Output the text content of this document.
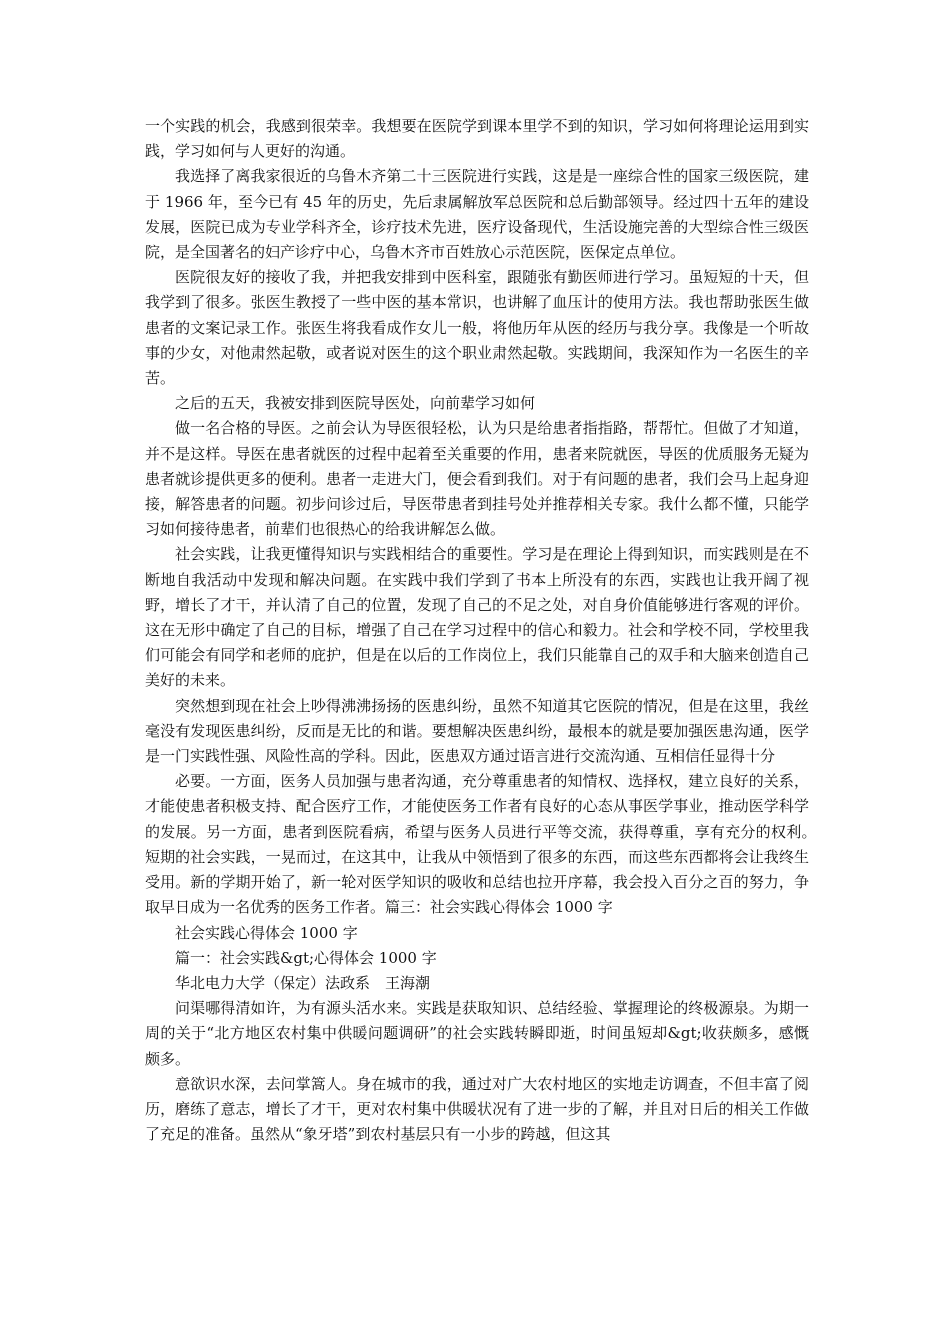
一个实践的机会，我感到很荣幸。我想要在医院学到课本里学不到的知识，学习如何将理论运用到实践，学习如何与人更好的沟通。

我选择了离我家很近的乌鲁木齐第二十三医院进行实践，这是是一座综合性的国家三级医院，建于 1966 年，至今已有 45 年的历史，先后隶属解放军总医院和总后勤部领导。经过四十五年的建设发展，医院已成为专业学科齐全，诊疗技术先进，医疗设备现代，生活设施完善的大型综合性三级医院，是全国著名的妇产诊疗中心，乌鲁木齐市百姓放心示范医院，医保定点单位。

医院很友好的接收了我，并把我安排到中医科室，跟随张有勤医师进行学习。虽短短的十天，但我学到了很多。张医生教授了一些中医的基本常识，也讲解了血压计的使用方法。我也帮助张医生做患者的文案记录工作。张医生将我看成作女儿一般，将他历年从医的经历与我分享。我像是一个听故事的少女，对他肃然起敬，或者说对医生的这个职业肃然起敬。实践期间，我深知作为一名医生的辛苦。

之后的五天，我被安排到医院导医处，向前辈学习如何

做一名合格的导医。之前会认为导医很轻松，认为只是给患者指指路，帮帮忙。但做了才知道，并不是这样。导医在患者就医的过程中起着至关重要的作用，患者来院就医，导医的优质服务无疑为患者就诊提供更多的便利。患者一走进大门，便会看到我们。对于有问题的患者，我们会马上起身迎接，解答患者的问题。初步问诊过后，导医带患者到挂号处并推荐相关专家。我什么都不懂，只能学习如何接待患者，前辈们也很热心的给我讲解怎么做。

社会实践，让我更懂得知识与实践相结合的重要性。学习是在理论上得到知识，而实践则是在不断地自我活动中发现和解决问题。在实践中我们学到了书本上所没有的东西，实践也让我开阔了视野，增长了才干，并认清了自己的位置，发现了自己的不足之处，对自身价值能够进行客观的评价。这在无形中确定了自己的目标，增强了自己在学习过程中的信心和毅力。社会和学校不同，学校里我们可能会有同学和老师的庇护，但是在以后的工作岗位上，我们只能靠自己的双手和大脑来创造自己美好的未来。

突然想到现在社会上吵得沸沸扬扬的医患纠纷，虽然不知道其它医院的情况，但是在这里，我丝毫没有发现医患纠纷，反而是无比的和谐。要想解决医患纠纷，最根本的就是要加强医患沟通，医学是一门实践性强、风险性高的学科。因此，医患双方通过语言进行交流沟通、互相信任显得十分

必要。一方面，医务人员加强与患者沟通，充分尊重患者的知情权、选择权，建立良好的关系，才能使患者积极支持、配合医疗工作，才能使医务工作者有良好的心态从事医学事业，推动医学科学的发展。另一方面，患者到医院看病，希望与医务人员进行平等交流，获得尊重，享有充分的权利。　短期的社会实践，一晃而过，在这其中，让我从中领悟到了很多的东西，而这些东西都将会让我终生受用。新的学期开始了，新一轮对医学知识的吸收和总结也拉开序幕，我会投入百分之百的努力，争取早日成为一名优秀的医务工作者。篇三：社会实践心得体会 1000 字

社会实践心得体会 1000 字

篇一：社会实践&gt;心得体会 1000 字

华北电力大学（保定）法政系　王海潮

问渠哪得清如许，为有源头活水来。实践是获取知识、总结经验、掌握理论的终极源泉。为期一周的关于“北方地区农村集中供暖问题调研”的社会实践转瞬即逝，时间虽短却&gt;收获颇多，感慨颇多。

意欲识水深，去问掌篙人。身在城市的我，通过对广大农村地区的实地走访调查，不但丰富了阅历，磨练了意志，增长了才干，更对农村集中供暖状况有了进一步的了解，并且对日后的相关工作做了充足的准备。虽然从“象牙塔”到农村基层只有一小步的跨越，但这其
